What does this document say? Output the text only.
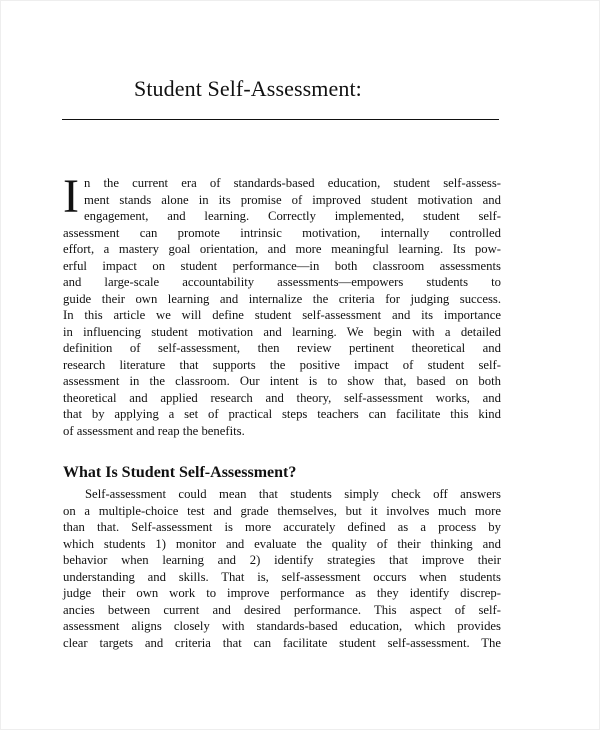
Student Self-Assessment:
I n the current era of standards-based education, student self-assess-
ment stands alone in its promise of improved student motivation and
engagement, and learning. Correctly implemented, student self-
assessment can promote intrinsic motivation, internally controlled
effort, a mastery goal orientation, and more meaningful learning. Its pow-
erful impact on student performance—in both classroom assessments
and large-scale accountability assessments—empowers students to
guide their own learning and internalize the criteria for judging success.
In this article we will define student self-assessment and its importance
in influencing student motivation and learning. We begin with a detailed
definition of self-assessment, then review pertinent theoretical and
research literature that supports the positive impact of student self-
assessment in the classroom. Our intent is to show that, based on both
theoretical and applied research and theory, self-assessment works, and
that by applying a set of practical steps teachers can facilitate this kind
of assessment and reap the benefits.
What Is Student Self-Assessment?
Self-assessment could mean that students simply check off answers
on a multiple-choice test and grade themselves, but it involves much more
than that. Self-assessment is more accurately defined as a process by
which students 1) monitor and evaluate the quality of their thinking and
behavior when learning and 2) identify strategies that improve their
understanding and skills. That is, self-assessment occurs when students
judge their own work to improve performance as they identify discrep-
ancies between current and desired performance. This aspect of self-
assessment aligns closely with standards-based education, which provides
clear targets and criteria that can facilitate student self-assessment. The
